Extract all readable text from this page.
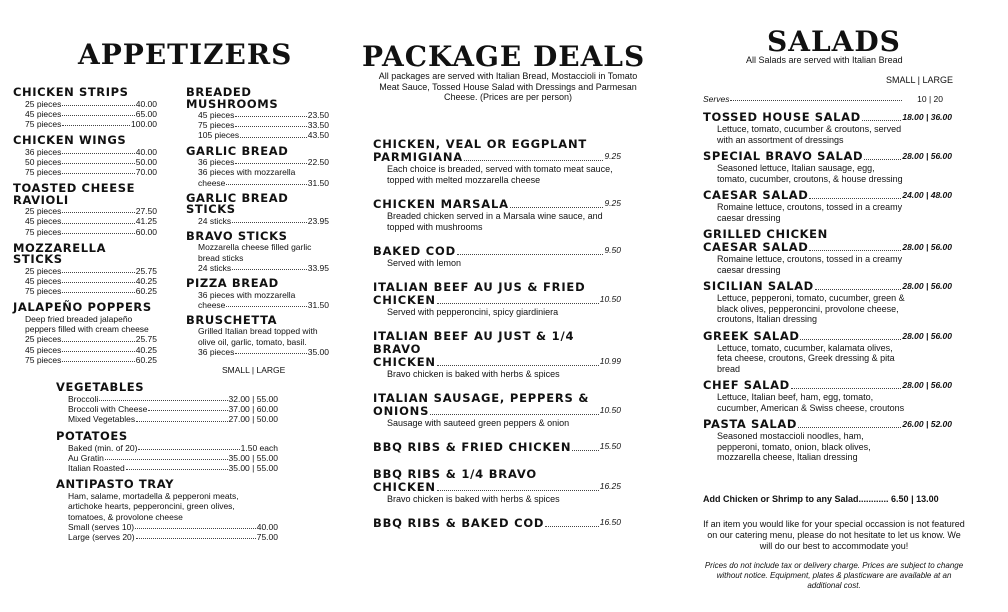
APPETIZERS
CHICKEN STRIPS
25 pieces	40.00
45 pieces	65.00
75 pieces	100.00
CHICKEN WINGS
36 pieces	40.00
50 pieces	50.00
75 pieces	70.00
TOASTED CHEESE RAVIOLI
25 pieces	27.50
45 pieces	41.25
75 pieces	60.00
MOZZARELLA STICKS
25 pieces	25.75
45 pieces	40.25
75 pieces	60.25
JALAPEÑO POPPERS
Deep fried breaded jalapeño peppers filled with cream cheese
25 pieces	25.75
45 pieces	40.25
75 pieces	60.25
BREADED MUSHROOMS
45 pieces	23.50
75 pieces	33.50
105 pieces	43.50
GARLIC BREAD
36 pieces	22.50
36 pieces with mozzarella
cheese	31.50
GARLIC BREAD STICKS
24 sticks	23.95
BRAVO STICKS
Mozzarella cheese filled garlic bread sticks
24 sticks	33.95
PIZZA BREAD
36 pieces with mozzarella
cheese	31.50
BRUSCHETTA
Grilled Italian bread topped with olive oil, garlic, tomato, basil.
36 pieces	35.00
SMALL | LARGE
VEGETABLES
Broccoli	32.00 | 55.00
Broccoli with Cheese	37.00 | 60.00
Mixed Vegetables	27.00 | 50.00
POTATOES
Baked (min. of 20)	1.50 each
Au Gratin	35.00 | 55.00
Italian Roasted	35.00 | 55.00
ANTIPASTO TRAY
Ham, salame, mortadella & pepperoni meats, artichoke hearts, pepperoncini, green olives, tomatoes, & provolone cheese
Small (serves 10)	40.00
Large (serves 20)	75.00
PACKAGE DEALS
All packages are served with Italian Bread, Mostaccioli in Tomato Meat Sauce, Tossed House Salad with Dressings and Parmesan Cheese. (Prices are per person)
CHICKEN, VEAL OR EGGPLANT
PARMIGIANA	9.25
Each choice is breaded, served with tomato meat sauce, topped with melted mozzarella cheese
CHICKEN MARSALA	9.25
Breaded chicken served in a Marsala wine sauce, and topped with mushrooms
BAKED COD	9.50
Served with lemon
ITALIAN BEEF AU JUS & FRIED
CHICKEN	10.50
Served with pepperoncini, spicy giardiniera
ITALIAN BEEF AU JUST & 1/4 BRAVO
CHICKEN	10.99
Bravo chicken is baked with herbs & spices
ITALIAN SAUSAGE, PEPPERS &
ONIONS	10.50
Sausage with sauteed green peppers & onion
BBQ RIBS & FRIED CHICKEN	15.50
BBQ RIBS & 1/4 BRAVO
CHICKEN	16.25
Bravo chicken is baked with herbs & spices
BBQ RIBS & BAKED COD	16.50
SALADS
All Salads are served with Italian Bread
SMALL | LARGE
Serves	10 | 20
TOSSED HOUSE SALAD	18.00 | 36.00
Lettuce, tomato, cucumber & croutons, served with an assortment of dressings
SPECIAL BRAVO SALAD	28.00 | 56.00
Seasoned lettuce, Italian sausage, egg, tomato, cucumber, croutons, & house dressing
CAESAR SALAD	24.00 | 48.00
Romaine lettuce, croutons, tossed in a creamy caesar dressing
GRILLED CHICKEN
CAESAR SALAD	28.00 | 56.00
Romaine lettuce, croutons, tossed in a creamy caesar dressing
SICILIAN SALAD	28.00 | 56.00
Lettuce, pepperoni, tomato, cucumber, green & black olives, pepperoncini, provolone cheese, croutons, Italian dressing
GREEK SALAD	28.00 | 56.00
Lettuce, tomato, cucumber, kalamata olives, feta cheese, croutons, Greek dressing & pita bread
CHEF SALAD	28.00 | 56.00
Lettuce, Italian beef, ham, egg, tomato, cucumber, American & Swiss cheese, croutons
PASTA SALAD	26.00 | 52.00
Seasoned mostaccioli noodles, ham, pepperoni, tomato, onion, black olives, mozzarella cheese, Italian dressing
Add Chicken or Shrimp to any Salad............ 6.50 | 13.00
If an item you would like for your special occassion is not featured on our catering menu, please do not hesitate to let us know. We will do our best to accommodate you!
Prices do not include tax or delivery charge. Prices are subject to change without notice. Equipment, plates & plasticware are available at an additional cost.
